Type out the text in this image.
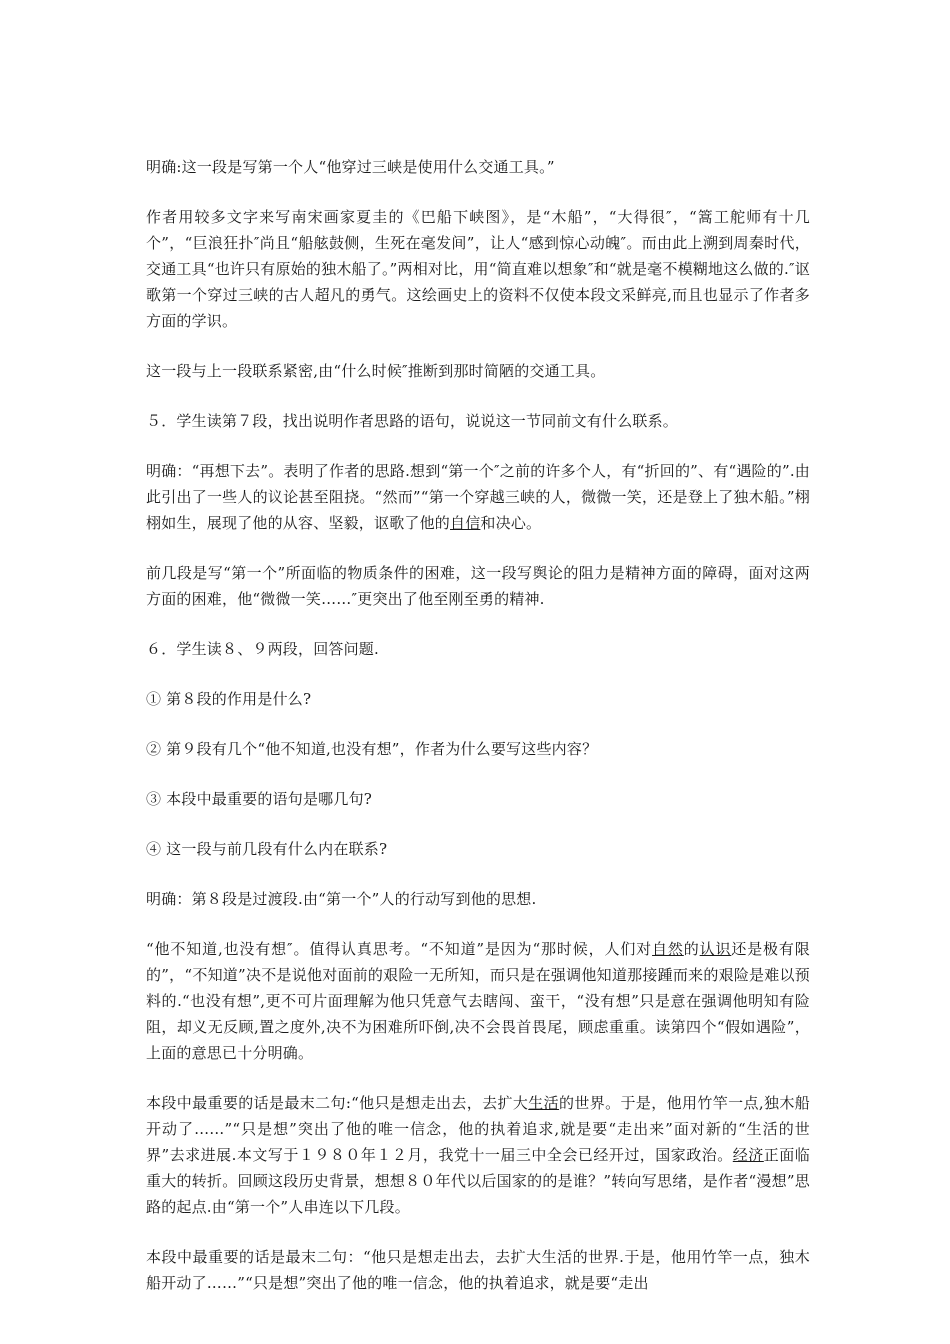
明确:这一段是写第一个人“他穿过三峡是使用什么交通工具。”

作者用较多文字来写南宋画家夏圭的《巴船下峡图》，是“木船”，“大得很″，“篙工舵师有十几个”，“巨浪狂扑″尚且“船舷鼓侧，生死在毫发间”，让人“感到惊心动魄″。而由此上溯到周秦时代，交通工具“也许只有原始的独木船了。”两相对比，用“简直难以想象″和“就是毫不模糊地这么做的.″讴歌第一个穿过三峡的古人超凡的勇气。这绘画史上的资料不仅使本段文采鲜亮,而且也显示了作者多方面的学识。

这一段与上一段联系紧密,由“什么时候″推断到那时简陋的交通工具。

５．学生读第７段，找出说明作者思路的语句，说说这一节同前文有什么联系。

明确：“再想下去”。表明了作者的思路.想到“第一个″之前的许多个人，有“折回的”、有“遇险的”.由此引出了一些人的议论甚至阻挠。“然而”“第一个穿越三峡的人，微微一笑，还是登上了独木船。”栩栩如生，展现了他的从容、坚毅，讴歌了他的自信和决心。

前几段是写“第一个”所面临的物质条件的困难，这一段写舆论的阻力是精神方面的障碍，面对这两方面的困难，他“微微一笑……″更突出了他至刚至勇的精神.

６．学生读８、９两段，回答问题.

① 第８段的作用是什么?

② 第９段有几个“他不知道,也没有想”，作者为什么要写这些内容？

③ 本段中最重要的语句是哪几句?

④ 这一段与前几段有什么内在联系?

明确：第８段是过渡段.由“第一个”人的行动写到他的思想.

“他不知道,也没有想″。值得认真思考。“不知道”是因为“那时候，人们对自然的认识还是极有限的”，“不知道”决不是说他对面前的艰险一无所知，而只是在强调他知道那接踵而来的艰险是难以预料的.“也没有想”,更不可片面理解为他只凭意气去瞎闯、蛮干，“没有想”只是意在强调他明知有险阻，却义无反顾,置之度外,决不为困难所吓倒,决不会畏首畏尾，顾虑重重。读第四个“假如遇险”，上面的意思已十分明确。

本段中最重要的话是最末二句:“他只是想走出去，去扩大生活的世界。于是，他用竹竿一点,独木船开动了……”“只是想”突出了他的唯一信念，他的执着追求,就是要“走出来”面对新的“生活的世界”去求进展.本文写于１９８０年１２月，我党十一届三中全会已经开过，国家政治。经济正面临重大的转折。回顾这段历史背景，想想８０年代以后国家的的是谁？”转向写思绪，是作者“漫想”思路的起点.由“第一个”人串连以下几段。

本段中最重要的话是最末二句：“他只是想走出去，去扩大生活的世界.于是，他用竹竿一点，独木船开动了……”“只是想”突出了他的唯一信念，他的执着追求，就是要“走出
